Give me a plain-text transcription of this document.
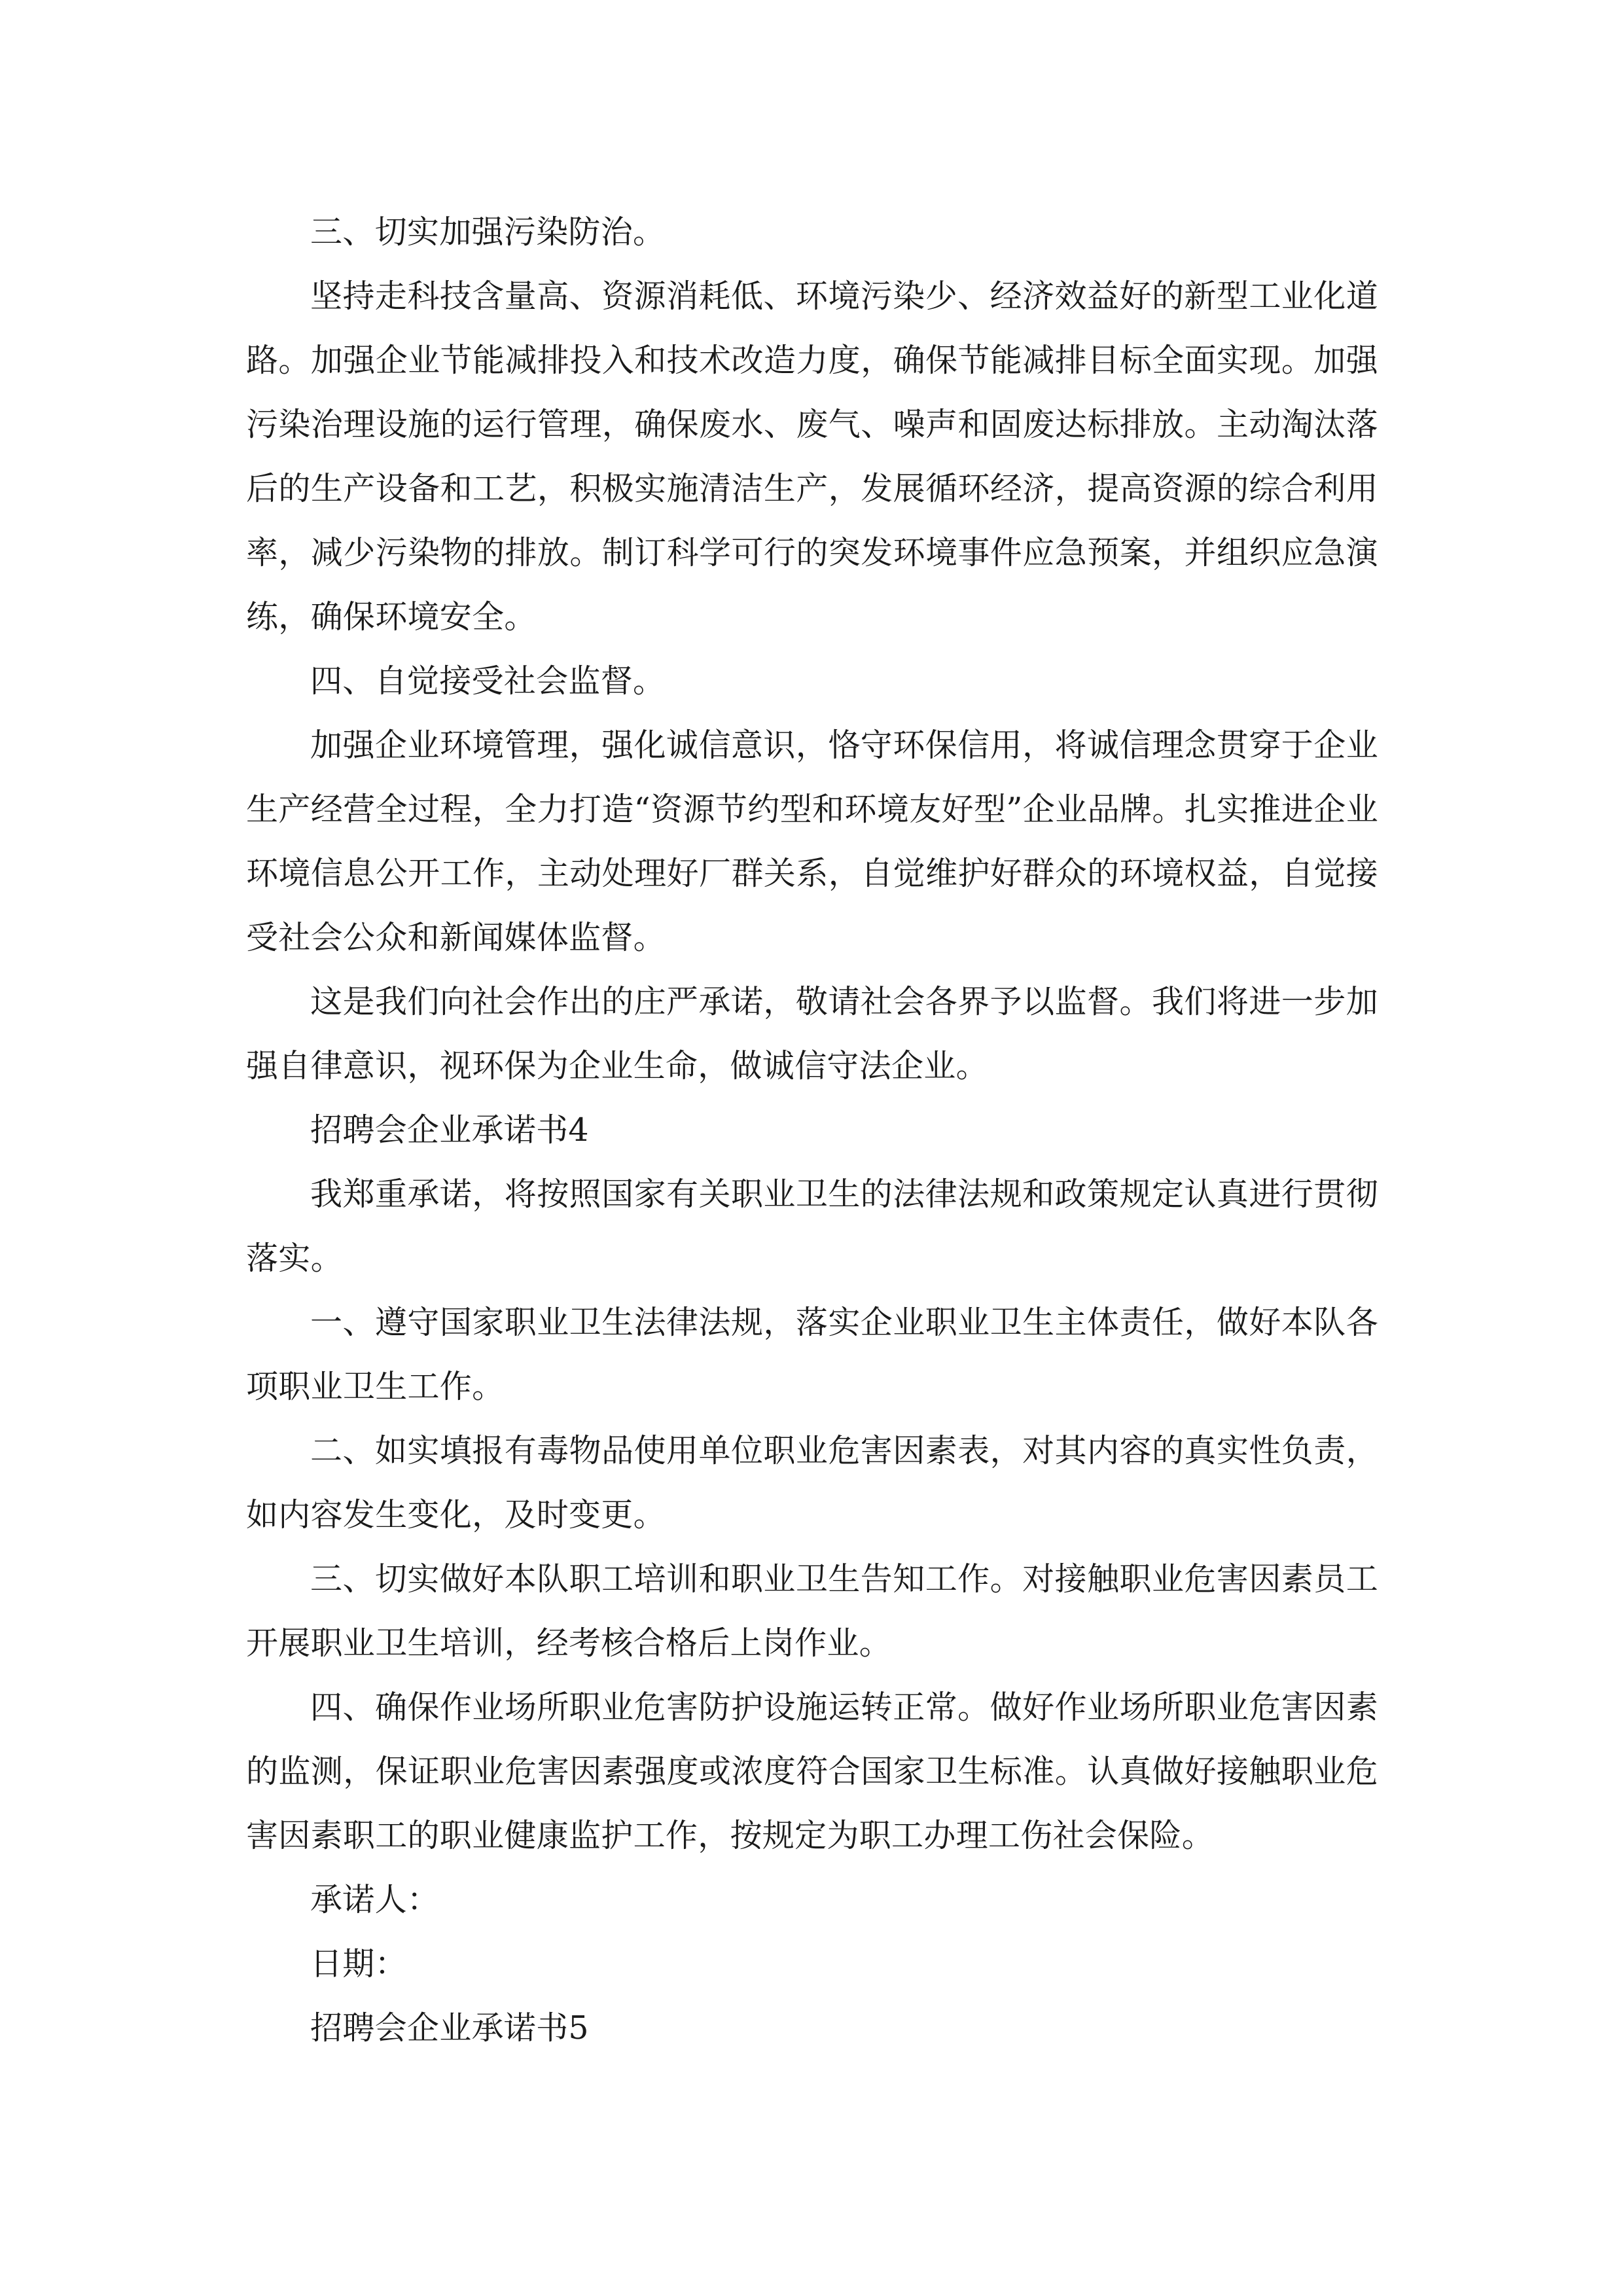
三、切实加强污染防治。

坚持走科技含量高、资源消耗低、环境污染少、经济效益好的新型工业化道路。加强企业节能减排投入和技术改造力度，确保节能减排目标全面实现。加强污染治理设施的运行管理，确保废水、废气、噪声和固废达标排放。主动淘汰落后的生产设备和工艺，积极实施清洁生产，发展循环经济，提高资源的综合利用率，减少污染物的排放。制订科学可行的突发环境事件应急预案，并组织应急演练，确保环境安全。

四、自觉接受社会监督。

加强企业环境管理，强化诚信意识，恪守环保信用，将诚信理念贯穿于企业生产经营全过程，全力打造“资源节约型和环境友好型”企业品牌。扎实推进企业环境信息公开工作，主动处理好厂群关系，自觉维护好群众的环境权益，自觉接受社会公众和新闻媒体监督。

这是我们向社会作出的庄严承诺，敬请社会各界予以监督。我们将进一步加强自律意识，视环保为企业生命，做诚信守法企业。

招聘会企业承诺书4

我郑重承诺，将按照国家有关职业卫生的法律法规和政策规定认真进行贯彻落实。

一、遵守国家职业卫生法律法规，落实企业职业卫生主体责任，做好本队各项职业卫生工作。

二、如实填报有毒物品使用单位职业危害因素表，对其内容的真实性负责，如内容发生变化，及时变更。

三、切实做好本队职工培训和职业卫生告知工作。对接触职业危害因素员工开展职业卫生培训，经考核合格后上岗作业。

四、确保作业场所职业危害防护设施运转正常。做好作业场所职业危害因素的监测，保证职业危害因素强度或浓度符合国家卫生标准。认真做好接触职业危害因素职工的职业健康监护工作，按规定为职工办理工伤社会保险。

承诺人：

日期：

招聘会企业承诺书5
